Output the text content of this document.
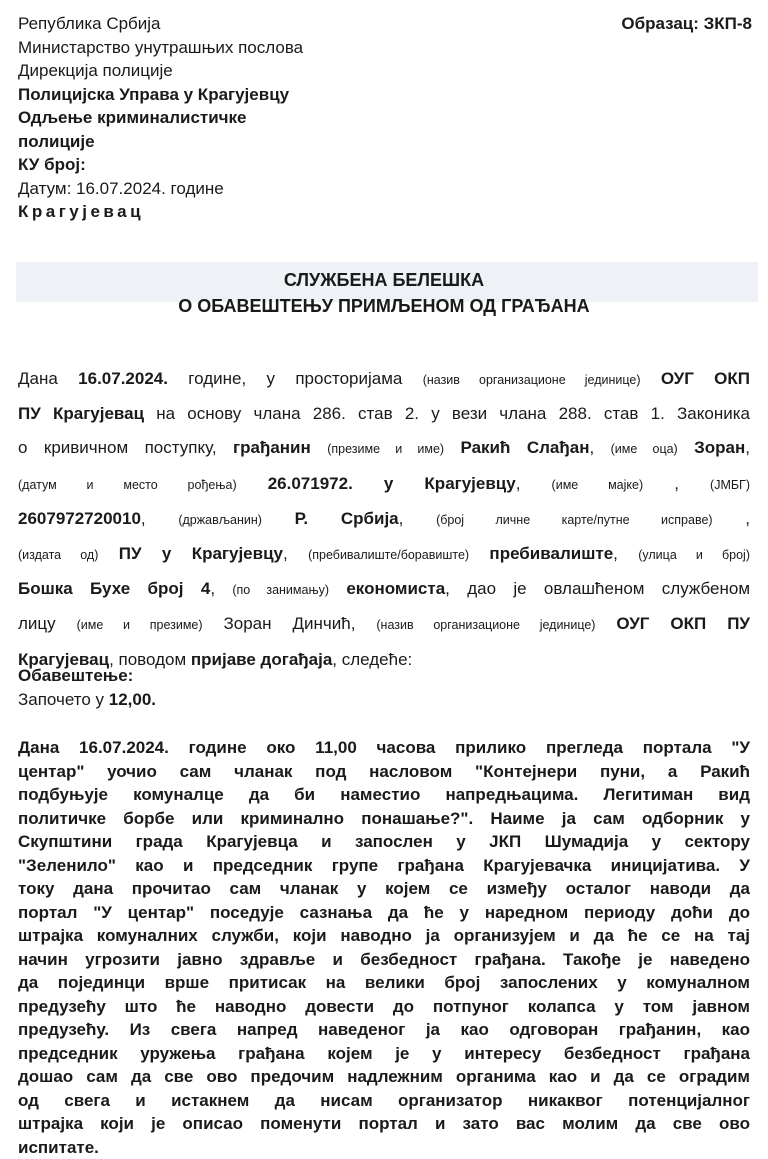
Република Србија
Министарство унутрашњих послова
Дирекција полиције
Полицијска Управа у Крагујевцу
Одљење криминалистичке
полиције
КУ број:
Датум: 16.07.2024. године
Крагујевац
Образац: ЗКП-8
СЛУЖБЕНА БЕЛЕШКА
О ОБАВЕШТЕЊУ ПРИМЉЕНОМ ОД ГРАЂАНА
Дана 16.07.2024. године, у просторијама (назив организационе јединице) ОУГ ОКП
ПУ Крагујевац на основу члана 286. став 2. у вези члана 288. став 1. Законика
о кривичном поступку, грађанин (презиме и име) Ракић Слађан, (име оца) Зоран,
(датум и место рођења) 26.071972. у Крагујевцу, (име мајке) , (ЈМБГ)
2607972720010, (држављанин) Р. Србија, (број личне карте/путне исправе) ,
(издата од) ПУ у Крагујевцу, (пребивалиште/боравиште) пребивалиште, (улица и број)
Бошка Бухе број 4, (по занимању) економиста, дао је овлашћеном службеном
лицу (име и презиме) Зоран Динчић, (назив организационе јединице) ОУГ ОКП ПУ
Крагујевац, поводом пријаве догађаја, следеће:
Обавештење:
Започето у 12,00.
Дана 16.07.2024. године око 11,00 часова прилико прегледа портала "У
центар" уочио сам чланак под насловом "Контејнери пуни, а Ракић
подбуњује комуналце да би наместио напредњацима. Легитиман вид
политичке борбе или криминално понашање?". Наиме ја сам одборник у
Скупштини града Крагујевца и запослен у ЈКП Шумадија у сектору
"Зеленило" као и председник групе грађана Крагујевачка иницијатива. У
току дана прочитао сам чланак у којем се између осталог наводи да
портал "У центар" поседује сазнања да ће у наредном периоду доћи до
штрајка комуналних служби, који наводно ја организујем и да ће се на тај
начин угрозити јавно здравље и безбедност грађана. Такође је наведено
да појединци врше притисак на велики број запослених у комуналном
предузећу што ће наводно довести до потпуног колапса у том јавном
предузећу. Из свега напред наведеног ја као одговоран грађанин, као
председник уружења грађана којем је у интересу безбедност грађана
дошао сам да све ово предочим надлежним органима као и да се оградим
од свега и истакнем да нисам организатор никаквог потенцијалног
штрајка који је описао поменути портал и зато вас молим да све ово
испитате.
